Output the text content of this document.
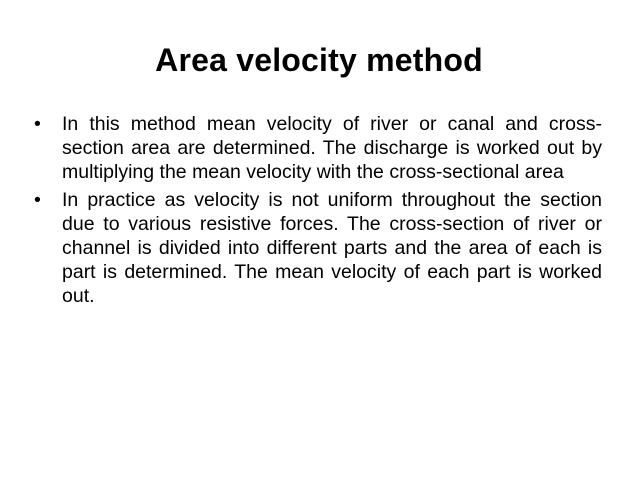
Area velocity method
•	In this method mean velocity of river or canal and cross-section area are determined. The discharge is worked out by multiplying the mean velocity with the cross-sectional area
•	In practice as velocity is not uniform throughout the section due to various resistive forces. The cross-section of river or channel is divided into different parts and the area of each is part is determined. The mean velocity of each part is worked out.
